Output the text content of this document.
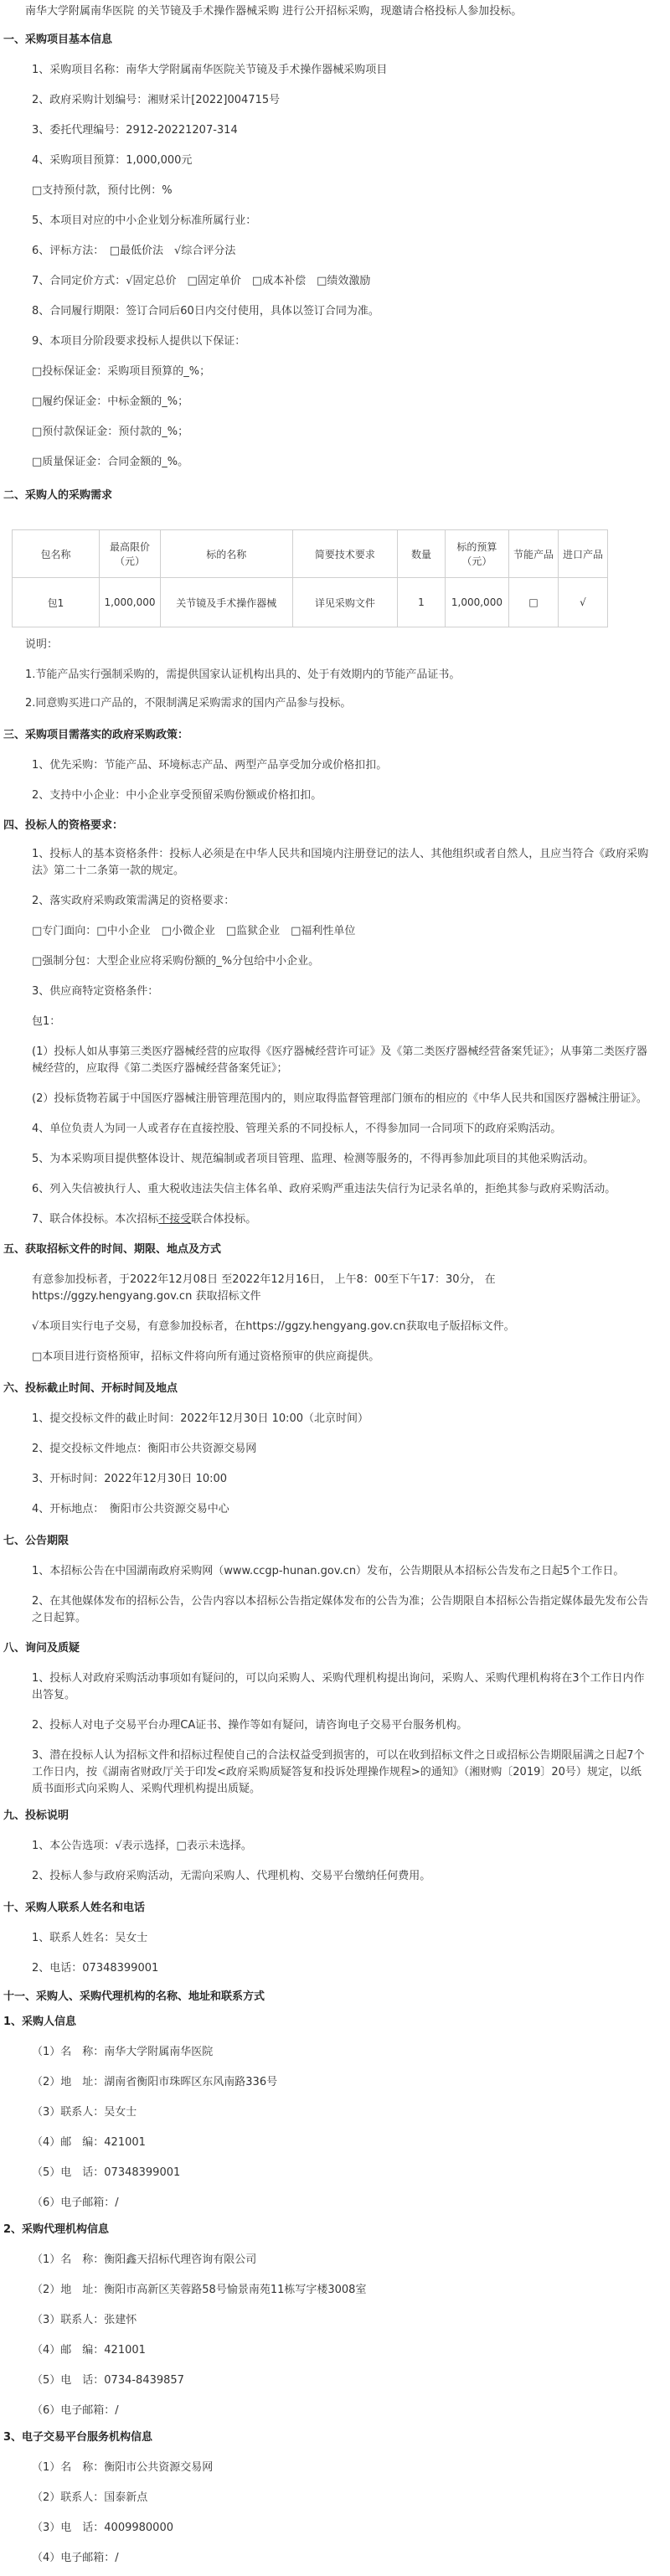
南华大学附属南华医院 的关节镜及手术操作器械采购 进行公开招标采购，现邀请合格投标人参加投标。
一、采购项目基本信息
1、采购项目名称：南华大学附属南华医院关节镜及手术操作器械采购项目
2、政府采购计划编号：湘财采计[2022]004715号
3、委托代理编号：2912-20221207-314
4、采购项目预算：1,000,000元
□支持预付款，预付比例：%
5、本项目对应的中小企业划分标准所属行业：
6、评标方法：　□最低价法　√综合评分法
7、合同定价方式：√固定总价　□固定单价　□成本补偿　□绩效激励
8、合同履行期限：签订合同后60日内交付使用，具体以签订合同为准。
9、本项目分阶段要求投标人提供以下保证：
□投标保证金：采购项目预算的_%；
□履约保证金：中标金额的_%；
□预付款保证金：预付款的_%；
□质量保证金：合同金额的_%。
二、采购人的采购需求
包名称	最高限价（元）	标的名称	简要技术要求	数量	标的预算（元）	节能产品	进口产品
包1	1,000,000	关节镜及手术操作器械	详见采购文件	1	1,000,000	□	√
说明：
1.节能产品实行强制采购的，需提供国家认证机构出具的、处于有效期内的节能产品证书。
2.同意购买进口产品的，不限制满足采购需求的国内产品参与投标。
三、采购项目需落实的政府采购政策：
1、优先采购：节能产品、环境标志产品、两型产品享受加分或价格扣扣。
2、支持中小企业：中小企业享受预留采购份额或价格扣扣。
四、投标人的资格要求：
1、投标人的基本资格条件：投标人必须是在中华人民共和国境内注册登记的法人、其他组织或者自然人，且应当符合《政府采购法》第二十二条第一款的规定。
2、落实政府采购政策需满足的资格要求：
□专门面向：□中小企业　□小微企业　□监狱企业　□福利性单位
□强制分包：大型企业应将采购份额的_%分包给中小企业。
3、供应商特定资格条件：
包1：
(1）投标人如从事第三类医疗器械经营的应取得《医疗器械经营许可证》及《第二类医疗器械经营备案凭证》；从事第二类医疗器械经营的，应取得《第二类医疗器械经营备案凭证》；
(2）投标货物若属于中国医疗器械注册管理范围内的，则应取得监督管理部门颁布的相应的《中华人民共和国医疗器械注册证》。
4、单位负责人为同一人或者存在直接控股、管理关系的不同投标人，不得参加同一合同项下的政府采购活动。
5、为本采购项目提供整体设计、规范编制或者项目管理、监理、检测等服务的，不得再参加此项目的其他采购活动。
6、列入失信被执行人、重大税收违法失信主体名单、政府采购严重违法失信行为记录名单的，拒绝其参与政府采购活动。
7、联合体投标。本次招标不接受联合体投标。
五、获取招标文件的时间、期限、地点及方式
有意参加投标者，于2022年12月08日 至2022年12月16日， 上午8：00至下午17：30分， 在https://ggzy.hengyang.gov.cn 获取招标文件
√本项目实行电子交易，有意参加投标者，在https://ggzy.hengyang.gov.cn获取电子版招标文件。
□本项目进行资格预审，招标文件将向所有通过资格预审的供应商提供。
六、投标截止时间、开标时间及地点
1、提交投标文件的截止时间：2022年12月30日 10:00（北京时间）
2、提交投标文件地点：衡阳市公共资源交易网
3、开标时间：2022年12月30日 10:00
4、开标地点：　衡阳市公共资源交易中心
七、公告期限
1、本招标公告在中国湖南政府采购网（www.ccgp-hunan.gov.cn）发布，公告期限从本招标公告发布之日起5个工作日。
2、在其他媒体发布的招标公告，公告内容以本招标公告指定媒体发布的公告为准；公告期限自本招标公告指定媒体最先发布公告之日起算。
八、询问及质疑
1、投标人对政府采购活动事项如有疑问的，可以向采购人、采购代理机构提出询问，采购人、采购代理机构将在3个工作日内作出答复。
2、投标人对电子交易平台办理CA证书、操作等如有疑问，请咨询电子交易平台服务机构。
3、潜在投标人认为招标文件和招标过程使自己的合法权益受到损害的，可以在收到招标文件之日或招标公告期限届满之日起7个工作日内，按《湖南省财政厅关于印发<政府采购质疑答复和投诉处理操作规程>的通知》（湘财购〔2019〕20号）规定，以纸质书面形式向采购人、采购代理机构提出质疑。
九、投标说明
1、本公告选项：√表示选择，□表示未选择。
2、投标人参与政府采购活动，无需向采购人、代理机构、交易平台缴纳任何费用。
十、采购人联系人姓名和电话
1、联系人姓名：吴女士
2、电话：07348399001
十一、采购人、采购代理机构的名称、地址和联系方式
1、采购人信息
（1）名　称：南华大学附属南华医院
（2）地　址：湖南省衡阳市珠晖区东风南路336号
（3）联系人：吴女士
（4）邮　编：421001
（5）电　话：07348399001
（6）电子邮箱：/
2、采购代理机构信息
（1）名　称：衡阳鑫天招标代理咨询有限公司
（2）地　址：衡阳市高新区芙蓉路58号愉景南苑11栋写字楼3008室
（3）联系人：张建怀
（4）邮　编：421001
（5）电　话：0734-8439857
（6）电子邮箱：/
3、电子交易平台服务机构信息
（1）名　称：衡阳市公共资源交易网
（2）联系人：国泰新点
（3）电　话：4009980000
（4）电子邮箱：/
